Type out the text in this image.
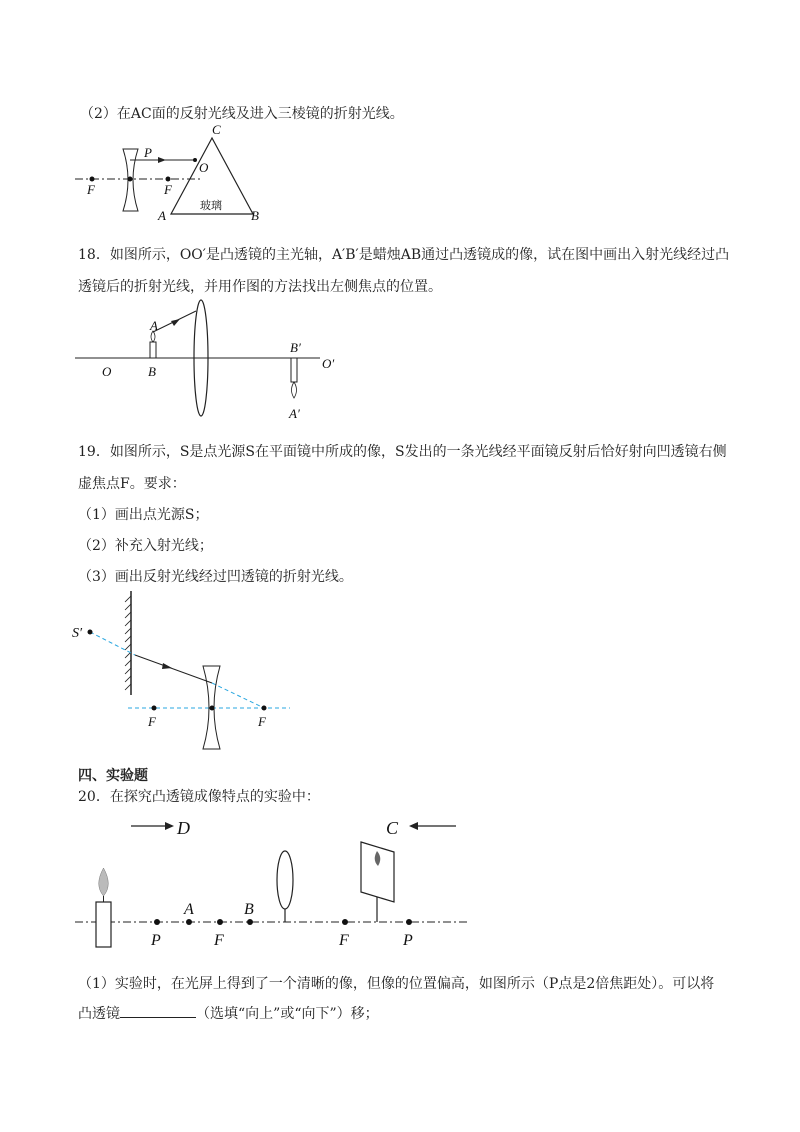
（2）在AC面的反射光线及进入三棱镜的折射光线。
P
O
C
A	B
F	F
玻璃
18．如图所示，OO′是凸透镜的主光轴，A′B′是蜡烛AB通过凸透镜成的像，试在图中画出入射光线经过凸
透镜后的折射光线，并用作图的方法找出左侧焦点的位置。
A
B
O
O′
B′
A′
19．如图所示，S是点光源S在平面镜中所成的像，S发出的一条光线经平面镜反射后恰好射向凹透镜右侧
虚焦点F。要求：
（1）画出点光源S；
（2）补充入射光线；
（3）画出反射光线经过凹透镜的折射光线。
S′
F	F
四、实验题
20．在探究凸透镜成像特点的实验中：
D	C
A	B
P	F	F	P
（1）实验时，在光屏上得到了一个清晰的像，但像的位置偏高，如图所示（P点是2倍焦距处）。可以将
凸透镜	（选填“向上”或“向下”）移；
